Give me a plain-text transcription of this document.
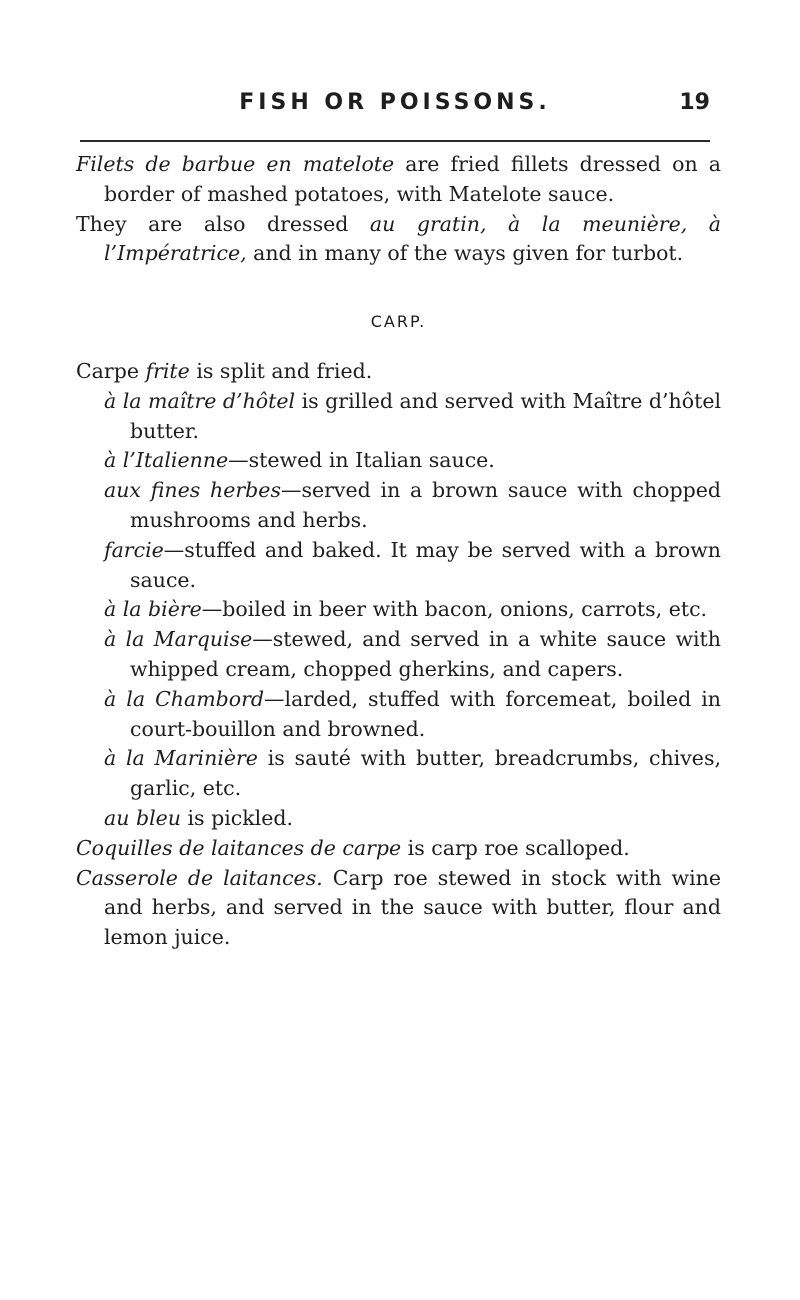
FISH OR POISSONS.	19

Filets de barbue en matelote are fried fillets dressed on a border of mashed potatoes, with Matelote sauce.

They are also dressed au gratin, à la meunière, à l’Impératrice, and in many of the ways given for turbot.

CARP.

Carpe frite is split and fried.

à la maître d’hôtel is grilled and served with Maître d’hôtel butter.

à l’Italienne—stewed in Italian sauce.

aux fines herbes—served in a brown sauce with chopped mushrooms and herbs.

farcie—stuffed and baked. It may be served with a brown sauce.

à la bière—boiled in beer with bacon, onions, carrots, etc.

à la Marquise—stewed, and served in a white sauce with whipped cream, chopped gherkins, and capers.

à la Chambord—larded, stuffed with forcemeat, boiled in court-bouillon and browned.

à la Marinière is sauté with butter, breadcrumbs, chives, garlic, etc.

au bleu is pickled.

Coquilles de laitances de carpe is carp roe scalloped.

Casserole de laitances. Carp roe stewed in stock with wine and herbs, and served in the sauce with butter, flour and lemon juice.
